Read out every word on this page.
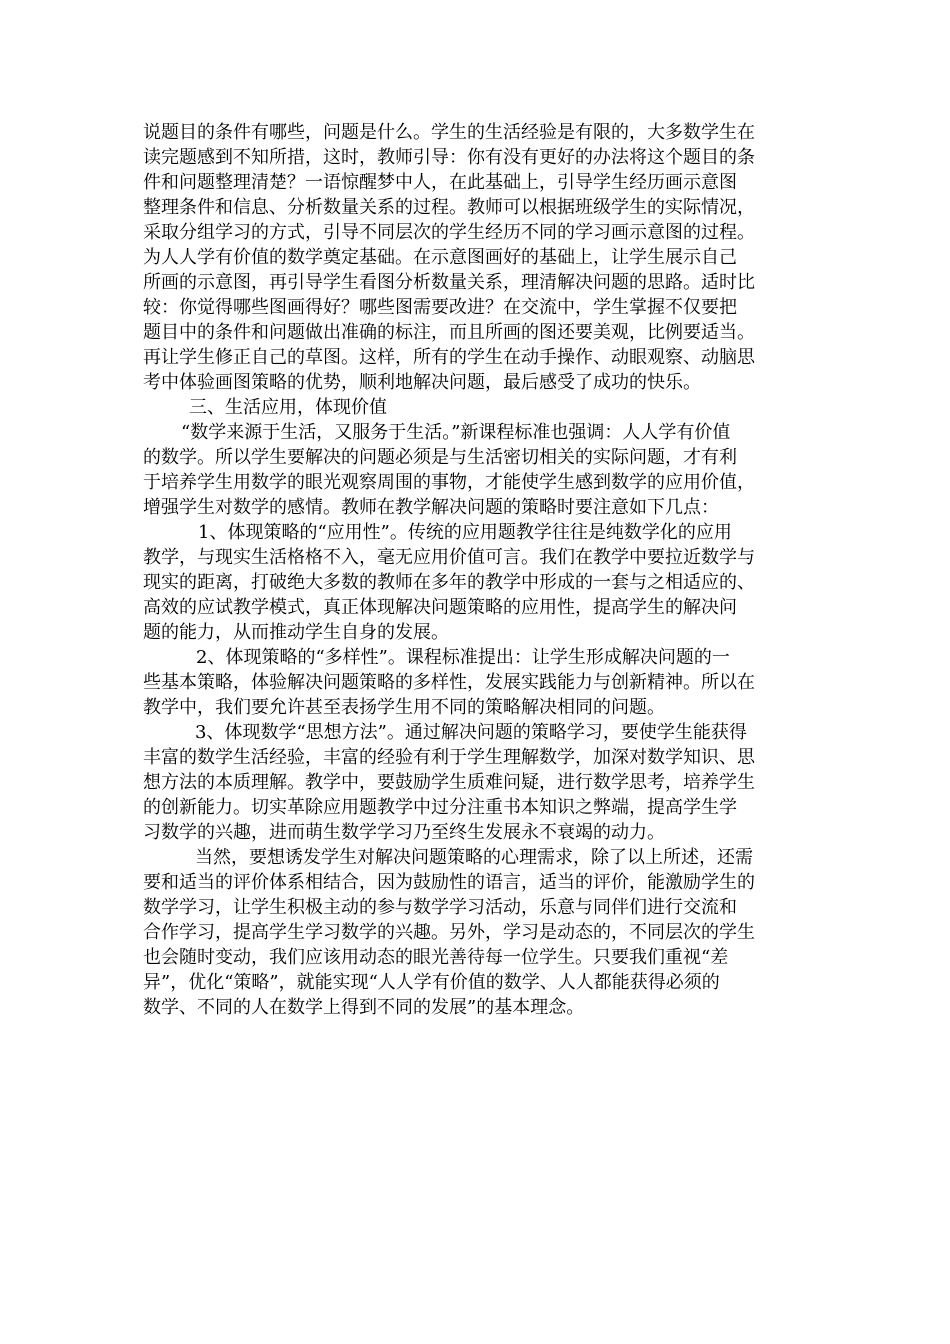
说题目的条件有哪些，问题是什么。学生的生活经验是有限的，大多数学生在
读完题感到不知所措，这时，教师引导：你有没有更好的办法将这个题目的条
件和问题整理清楚？一语惊醒梦中人，在此基础上，引导学生经历画示意图
整理条件和信息、分析数量关系的过程。教师可以根据班级学生的实际情况，
采取分组学习的方式，引导不同层次的学生经历不同的学习画示意图的过程。
为人人学有价值的数学奠定基础。在示意图画好的基础上，让学生展示自己
所画的示意图，再引导学生看图分析数量关系，理清解决问题的思路。适时比
较：你觉得哪些图画得好？哪些图需要改进？在交流中，学生掌握不仅要把
题目中的条件和问题做出准确的标注，而且所画的图还要美观，比例要适当。
再让学生修正自己的草图。这样，所有的学生在动手操作、动眼观察、动脑思
考中体验画图策略的优势，顺利地解决问题，最后感受了成功的快乐。
三、生活应用，体现价值
“数学来源于生活，又服务于生活。”新课程标准也强调：人人学有价值
的数学。所以学生要解决的问题必须是与生活密切相关的实际问题，才有利
于培养学生用数学的眼光观察周围的事物，才能使学生感到数学的应用价值，
增强学生对数学的感情。教师在教学解决问题的策略时要注意如下几点：
1、体现策略的“应用性”。传统的应用题教学往往是纯数学化的应用
教学，与现实生活格格不入，毫无应用价值可言。我们在教学中要拉近数学与
现实的距离，打破绝大多数的教师在多年的教学中形成的一套与之相适应的、
高效的应试教学模式，真正体现解决问题策略的应用性，提高学生的解决问
题的能力，从而推动学生自身的发展。
2、体现策略的“多样性”。课程标准提出：让学生形成解决问题的一
些基本策略，体验解决问题策略的多样性，发展实践能力与创新精神。所以在
教学中，我们要允许甚至表扬学生用不同的策略解决相同的问题。
3、体现数学“思想方法”。通过解决问题的策略学习，要使学生能获得
丰富的数学生活经验，丰富的经验有利于学生理解数学，加深对数学知识、思
想方法的本质理解。教学中，要鼓励学生质难问疑，进行数学思考，培养学生
的创新能力。切实革除应用题教学中过分注重书本知识之弊端，提高学生学
习数学的兴趣，进而萌生数学学习乃至终生发展永不衰竭的动力。
当然，要想诱发学生对解决问题策略的心理需求，除了以上所述，还需
要和适当的评价体系相结合，因为鼓励性的语言，适当的评价，能激励学生的
数学学习，让学生积极主动的参与数学学习活动，乐意与同伴们进行交流和
合作学习，提高学生学习数学的兴趣。另外，学习是动态的，不同层次的学生
也会随时变动，我们应该用动态的眼光善待每一位学生。只要我们重视“差
异”，优化“策略”，就能实现“人人学有价值的数学、人人都能获得必须的
数学、不同的人在数学上得到不同的发展”的基本理念。
